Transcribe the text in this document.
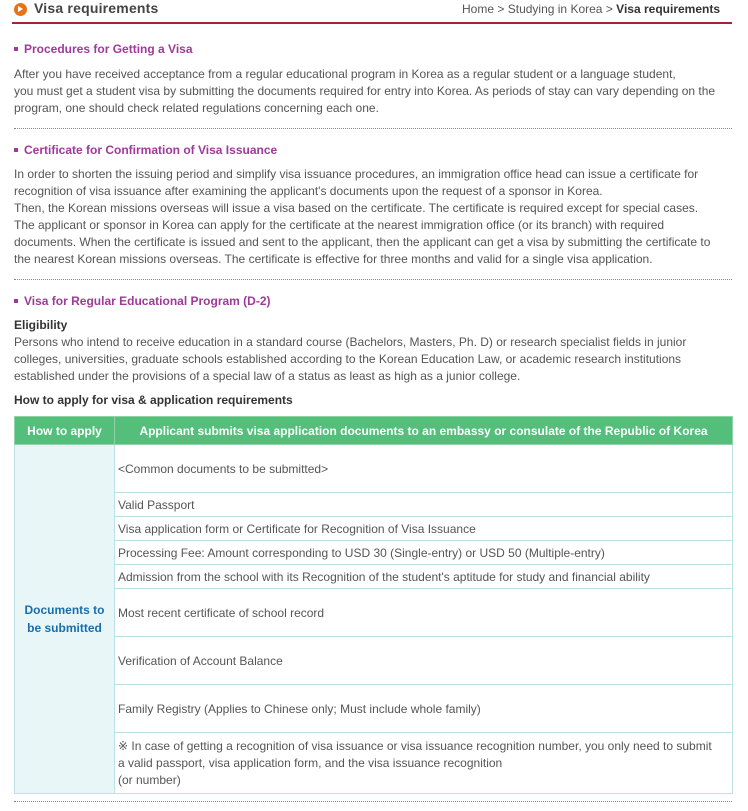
Visa requirements	Home > Studying in Korea > Visa requirements
Procedures for Getting a Visa
After you have received acceptance from a regular educational program in Korea as a regular student or a language student,
you must get a student visa by submitting the documents required for entry into Korea. As periods of stay can vary depending on the
program, one should check related regulations concerning each one.
Certificate for Confirmation of Visa Issuance
In order to shorten the issuing period and simplify visa issuance procedures, an immigration office head can issue a certificate for
recognition of visa issuance after examining the applicant's documents upon the request of a sponsor in Korea.
Then, the Korean missions overseas will issue a visa based on the certificate. The certificate is required except for special cases.
The applicant or sponsor in Korea can apply for the certificate at the nearest immigration office (or its branch) with required
documents. When the certificate is issued and sent to the applicant, then the applicant can get a visa by submitting the certificate to
the nearest Korean missions overseas. The certificate is effective for three months and valid for a single visa application.
Visa for Regular Educational Program (D-2)
Eligibility
Persons who intend to receive education in a standard course (Bachelors, Masters, Ph. D) or research specialist fields in junior
colleges, universities, graduate schools established according to the Korean Education Law, or academic research institutions
established under the provisions of a special law of a status as least as high as a junior college.
How to apply for visa & application requirements
How to apply	Applicant submits visa application documents to an embassy or consulate of the Republic of Korea

Documents to
be submitted	<Common documents to be submitted>
	Valid Passport
	Visa application form or Certificate for Recognition of Visa Issuance
	Processing Fee: Amount corresponding to USD 30 (Single-entry) or USD 50 (Multiple-entry)
	Admission from the school with its Recognition of the student's aptitude for study and financial ability
	Most recent certificate of school record
	Verification of Account Balance
	Family Registry (Applies to Chinese only; Must include whole family)

	※ In case of getting a recognition of visa issuance or visa issuance recognition number, you only need to submit
a valid passport, visa application form, and the visa issuance recognition
(or number)
